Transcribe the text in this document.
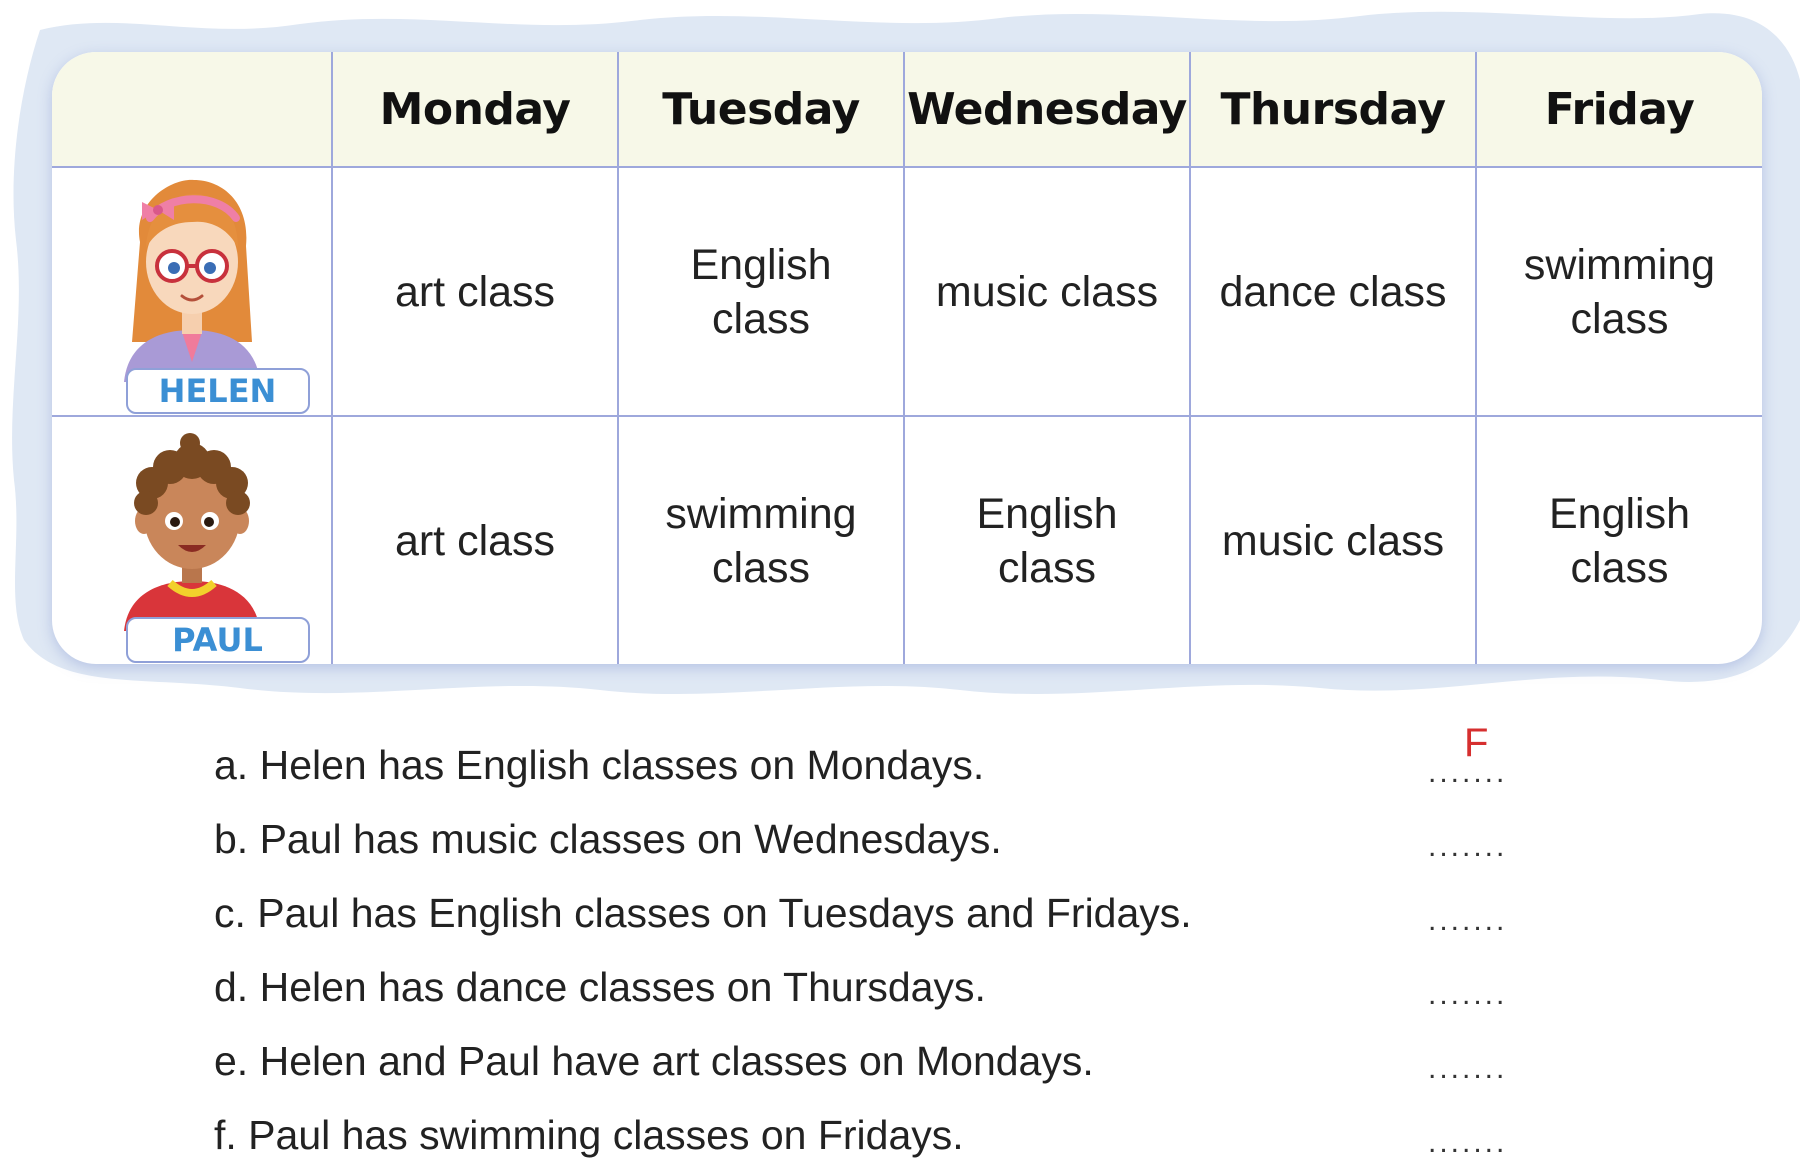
	Monday	Tuesday	Wednesday	Thursday	Friday

HELEN	art class	English class	music class	dance class	swimming class

PAUL	art class	swimming class	English class	music class	English class
a. Helen has English classes on Mondays.	.......
F
b. Paul has music classes on Wednesdays.	.......
c. Paul has English classes on Tuesdays and Fridays.	.......
d. Helen has dance classes on Thursdays.	.......
e. Helen and Paul have art classes on Mondays.	.......
f. Paul has swimming classes on Fridays.	.......
